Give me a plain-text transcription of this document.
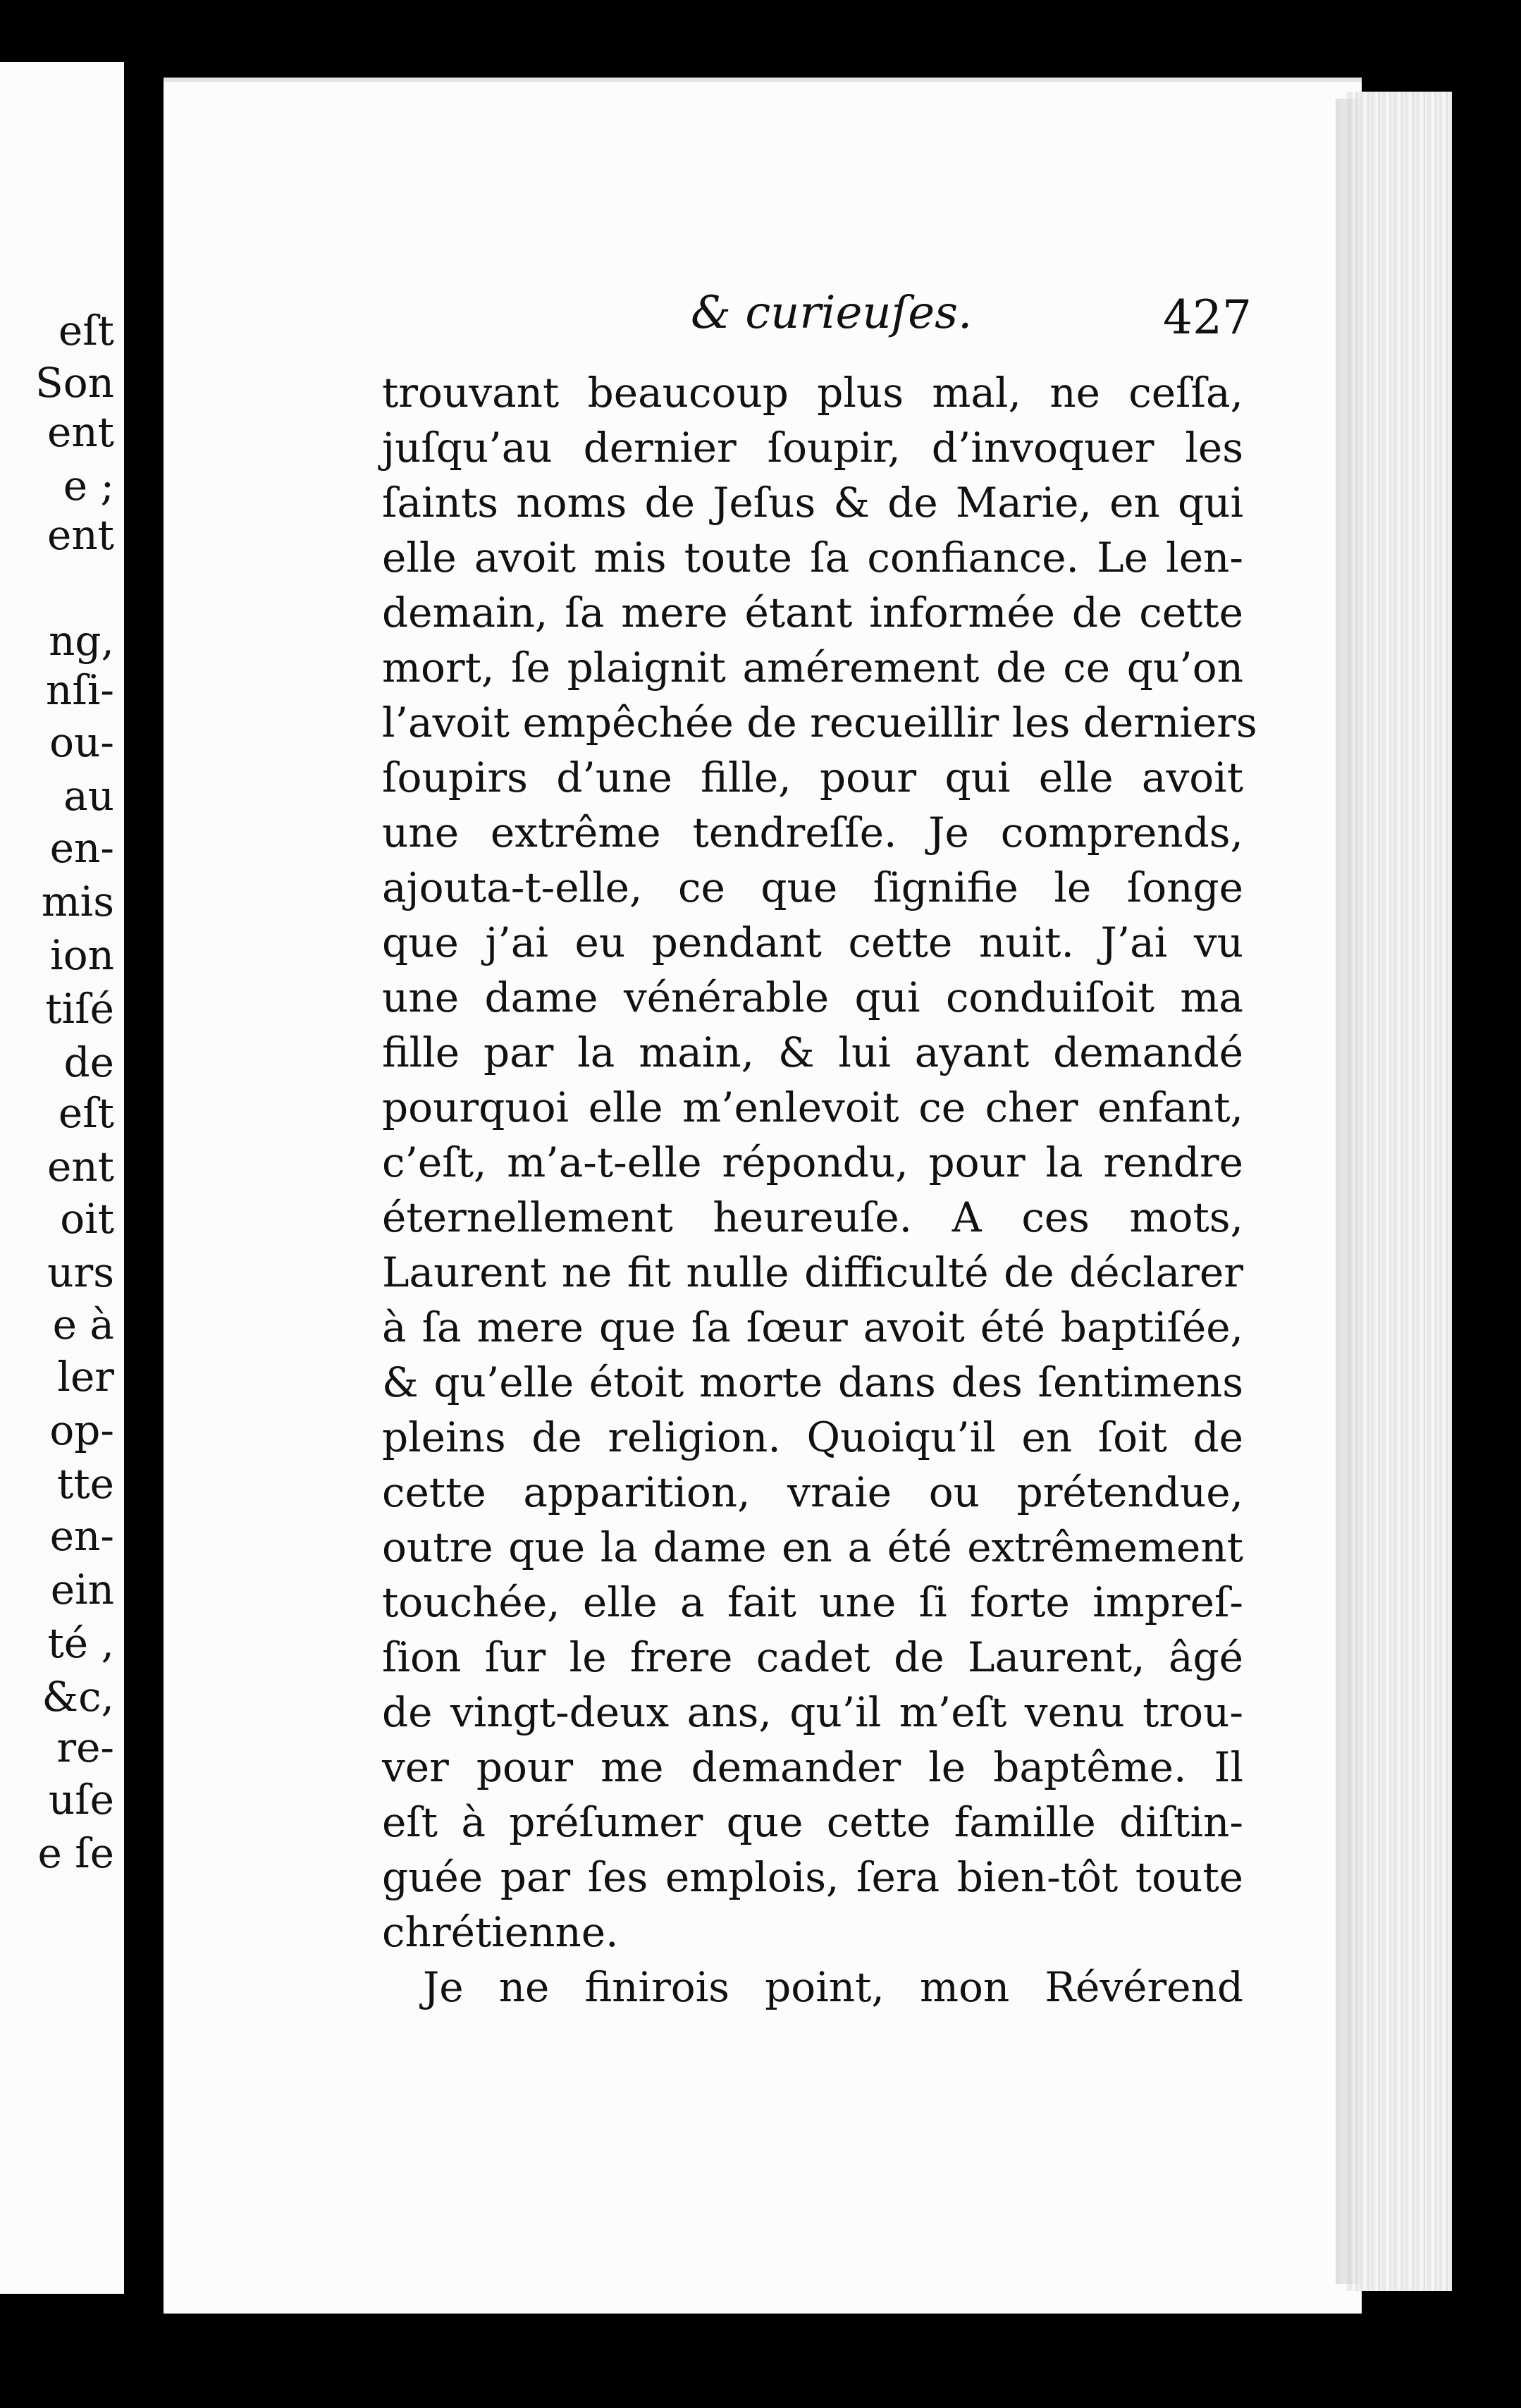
eſt
Son
ent
e ;
ent
ng,
nſi-
ou-
au
en-
mis
ion
tiſé
de
eſt
ent
oit
urs
e à
ler
op-
tte
en-
ein
té ,
&c,
re-
uſe
e ſe
& curieuſes.	427
trouvant beaucoup plus mal, ne ceſſa,
juſqu’au dernier ſoupir, d’invoquer les
ſaints noms de Jeſus & de Marie, en qui
elle avoit mis toute ſa confiance. Le len-
demain, ſa mere étant informée de cette
mort, ſe plaignit amérement de ce qu’on
l’avoit empêchée de recueillir les derniers
ſoupirs d’une fille, pour qui elle avoit
une extrême tendreſſe. Je comprends,
ajouta-t-elle, ce que ſignifie le ſonge
que j’ai eu pendant cette nuit. J’ai vu
une dame vénérable qui conduiſoit ma
fille par la main, & lui ayant demandé
pourquoi elle m’enlevoit ce cher enfant,
c’eſt, m’a-t-elle répondu, pour la rendre
éternellement heureuſe. A ces mots,
Laurent ne fit nulle difficulté de déclarer
à ſa mere que ſa ſœur avoit été baptiſée,
& qu’elle étoit morte dans des ſentimens
pleins de religion. Quoiqu’il en ſoit de
cette apparition, vraie ou prétendue,
outre que la dame en a été extrêmement
touchée, elle a fait une ſi forte impreſ-
ſion ſur le frere cadet de Laurent, âgé
de vingt-deux ans, qu’il m’eſt venu trou-
ver pour me demander le baptême. Il
eſt à préſumer que cette famille diſtin-
guée par ſes emplois, ſera bien-tôt toute
chrétienne.
Je ne finirois point, mon Révérend
